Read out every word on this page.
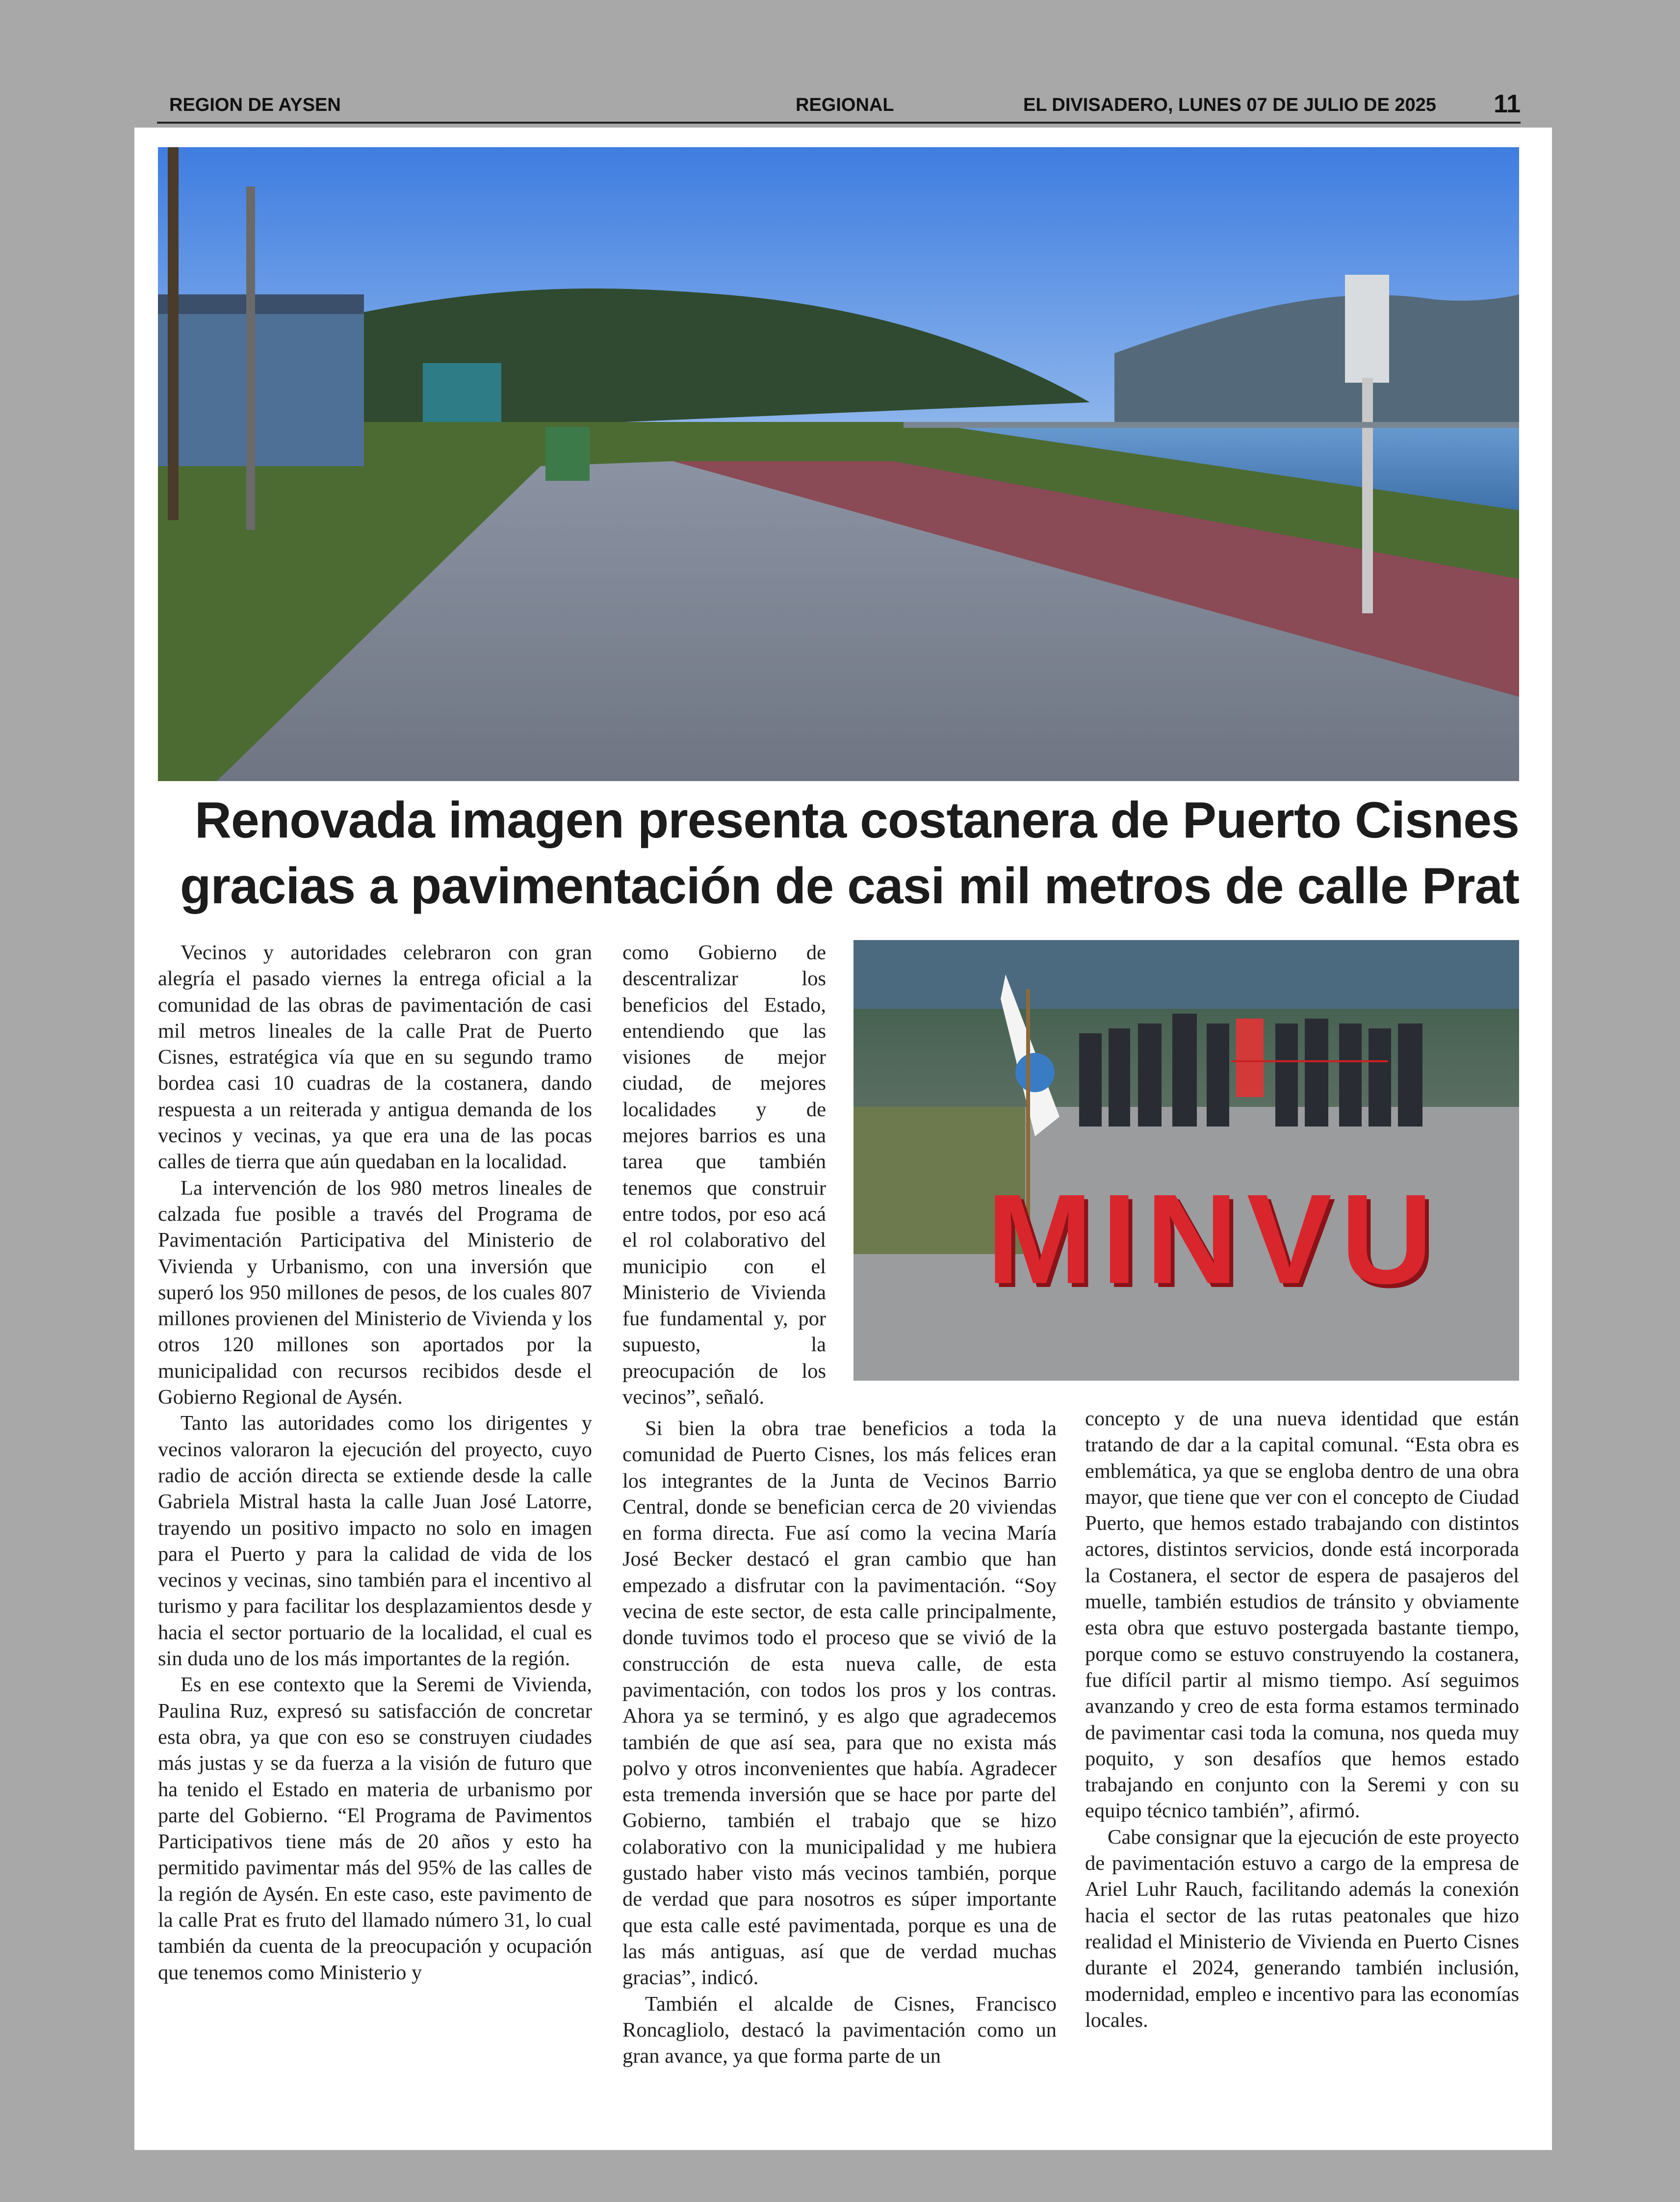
REGION DE AYSEN	REGIONAL	EL DIVISADERO, LUNES 07 DE JULIO DE 2025 11
Renovada imagen presenta costanera de Puerto Cisnes
gracias a pavimentación de casi mil metros de calle Prat

Vecinos y autoridades celebraron con gran alegría el pasado viernes la entrega oficial a la comunidad de las obras de pavimentación de casi mil metros lineales de la calle Prat de Puerto Cisnes, estratégica vía que en su segundo tramo bordea casi 10 cuadras de la costanera, dando respuesta a un reiterada y antigua demanda de los vecinos y vecinas, ya que era una de las pocas calles de tierra que aún quedaban en la localidad.

La intervención de los 980 metros lineales de calzada fue posible a través del Programa de Pavimentación Participativa del Ministerio de Vivienda y Urbanismo, con una inversión que superó los 950 millones de pesos, de los cuales 807 millones provienen del Ministerio de Vivienda y los otros 120 millones son aportados por la municipalidad con recursos recibidos desde el Gobierno Regional de Aysén.

Tanto las autoridades como los dirigentes y vecinos valoraron la ejecución del proyecto, cuyo radio de acción directa se extiende desde la calle Gabriela Mistral hasta la calle Juan José Latorre, trayendo un positivo impacto no solo en imagen para el Puerto y para la calidad de vida de los vecinos y vecinas, sino también para el incentivo al turismo y para facilitar los desplazamientos desde y hacia el sector portuario de la localidad, el cual es sin duda uno de los más importantes de la región.

Es en ese contexto que la Seremi de Vivienda, Paulina Ruz, expresó su satisfacción de concretar esta obra, ya que con eso se construyen ciudades más justas y se da fuerza a la visión de futuro que ha tenido el Estado en materia de urbanismo por parte del Gobierno. “El Programa de Pavimentos Participativos tiene más de 20 años y esto ha permitido pavimentar más del 95% de las calles de la región de Aysén. En este caso, este pavimento de la calle Prat es fruto del llamado número 31, lo cual también da cuenta de la preocupación y ocupación que tenemos como Ministerio y

como Gobierno de descentralizar los beneficios del Estado, entendiendo que las visiones de mejor ciudad, de mejores localidades y de mejores barrios es una tarea que también tenemos que construir entre todos, por eso acá el rol colaborativo del municipio con el Ministerio de Vivienda fue fundamental y, por supuesto, la preocupación de los vecinos”, señaló.

MINVU

Si bien la obra trae beneficios a toda la comunidad de Puerto Cisnes, los más felices eran los integrantes de la Junta de Vecinos Barrio Central, donde se benefician cerca de 20 viviendas en forma directa. Fue así como la vecina María José Becker destacó el gran cambio que han empezado a disfrutar con la pavimentación. “Soy vecina de este sector, de esta calle principalmente, donde tuvimos todo el proceso que se vivió de la construcción de esta nueva calle, de esta pavimentación, con todos los pros y los contras. Ahora ya se terminó, y es algo que agradecemos también de que así sea, para que no exista más polvo y otros inconvenientes que había. Agradecer esta tremenda inversión que se hace por parte del Gobierno, también el trabajo que se hizo colaborativo con la municipalidad y me hubiera gustado haber visto más vecinos también, porque de verdad que para nosotros es súper importante que esta calle esté pavimentada, porque es una de las más antiguas, así que de verdad muchas gracias”, indicó.

También el alcalde de Cisnes, Francisco Roncagliolo, destacó la pavimentación como un gran avance, ya que forma parte de un

concepto y de una nueva identidad que están tratando de dar a la capital comunal. “Esta obra es emblemática, ya que se engloba dentro de una obra mayor, que tiene que ver con el concepto de Ciudad Puerto, que hemos estado trabajando con distintos actores, distintos servicios, donde está incorporada la Costanera, el sector de espera de pasajeros del muelle, también estudios de tránsito y obviamente esta obra que estuvo postergada bastante tiempo, porque como se estuvo construyendo la costanera, fue difícil partir al mismo tiempo. Así seguimos avanzando y creo de esta forma estamos terminado de pavimentar casi toda la comuna, nos queda muy poquito, y son desafíos que hemos estado trabajando en conjunto con la Seremi y con su equipo técnico también”, afirmó.

Cabe consignar que la ejecución de este proyecto de pavimentación estuvo a cargo de la empresa de Ariel Luhr Rauch, facilitando además la conexión hacia el sector de las rutas peatonales que hizo realidad el Ministerio de Vivienda en Puerto Cisnes durante el 2024, generando también inclusión, modernidad, empleo e incentivo para las economías locales.
